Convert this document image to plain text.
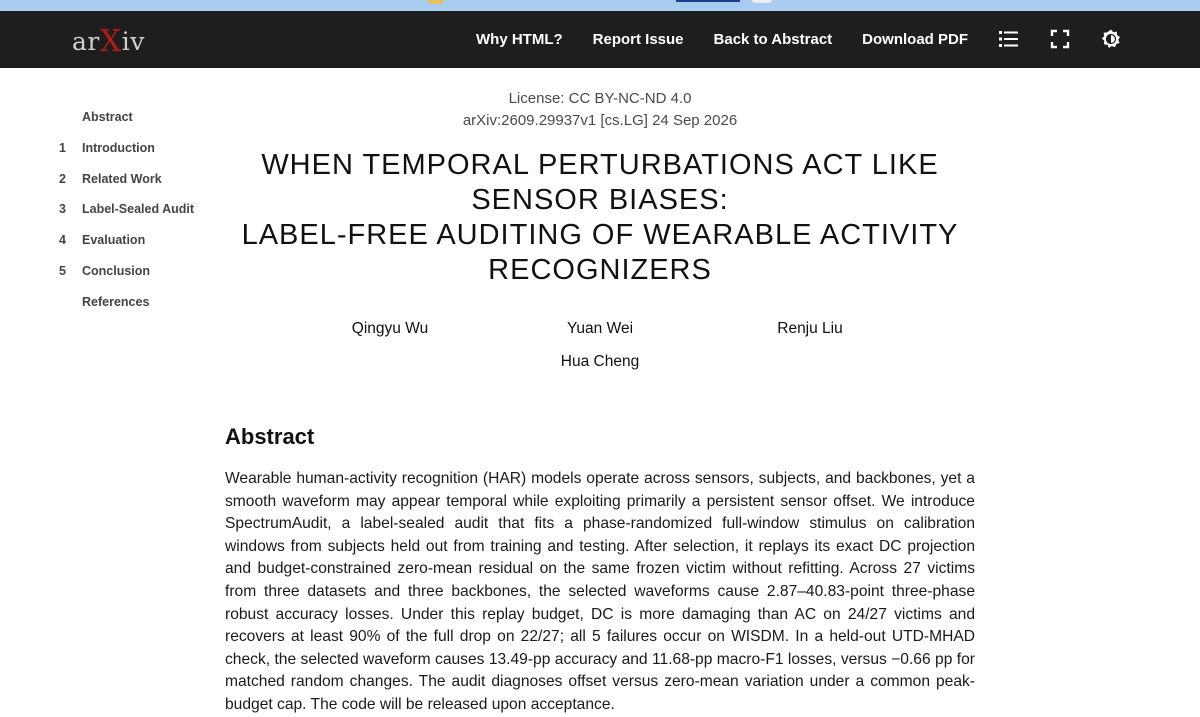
arXiv	Why HTML? Report Issue Back to Abstract Download PDF
Abstract
1	Introduction
2	Related Work
3	Label-Sealed Audit
4	Evaluation
5	Conclusion
References
License: CC BY-NC-ND 4.0
arXiv:2609.29937v1 [cs.LG] 24 Sep 2026
WHEN TEMPORAL PERTURBATIONS ACT LIKE SENSOR BIASES:
LABEL-FREE AUDITING OF WEARABLE ACTIVITY RECOGNIZERS
Qingyu Wu	Yuan Wei	Renju Liu
Hua Cheng
Abstract

Wearable human-activity recognition (HAR) models operate across sensors, subjects, and backbones, yet a smooth waveform may appear temporal while exploiting primarily a persistent sensor offset. We introduce SpectrumAudit, a label-sealed audit that fits a phase-randomized full-window stimulus on calibration windows from subjects held out from training and testing. After selection, it replays its exact DC projection and budget-constrained zero-mean residual on the same frozen victim without refitting. Across 27 victims from three datasets and three backbones, the selected waveforms cause 2.87–40.83-point three-phase robust accuracy losses. Under this replay budget, DC is more damaging than AC on 24/27 victims and recovers at least 90% of the full drop on 22/27; all 5 failures occur on WISDM. In a held-out UTD-MHAD check, the selected waveform causes 13.49-pp accuracy and 11.68-pp macro-F1 losses, versus −0.66 pp for matched random changes. The audit diagnoses offset versus zero-mean variation under a common peak-budget cap. The code will be released upon acceptance.
